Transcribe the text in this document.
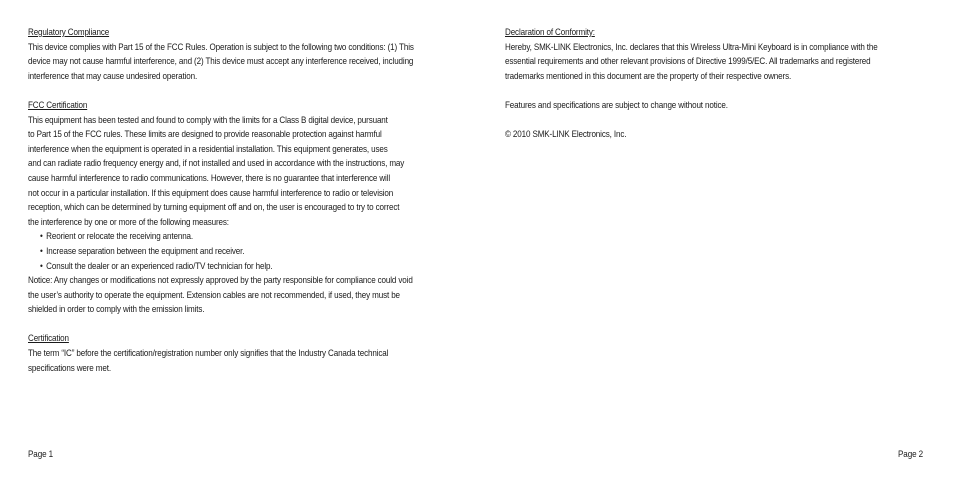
Regulatory Compliance
This device complies with Part 15 of the FCC Rules. Operation is subject to the following two conditions: (1) This
device may not cause harmful interference, and (2) This device must accept any interference received, including
interference that may cause undesired operation.
FCC Certification
This equipment has been tested and found to comply with the limits for a Class B digital device, pursuant
to Part 15 of the FCC rules. These limits are designed to provide reasonable protection against harmful
interference when the equipment is operated in a residential installation. This equipment generates, uses
and can radiate radio frequency energy and, if not installed and used in accordance with the instructions, may
cause harmful interference to radio communications. However, there is no guarantee that interference will
not occur in a particular installation. If this equipment does cause harmful interference to radio or television
reception, which can be determined by turning equipment off and on, the user is encouraged to try to correct
the interference by one or more of the following measures:
• Reorient or relocate the receiving antenna.
• Increase separation between the equipment and receiver.
• Consult the dealer or an experienced radio/TV technician for help.
Notice: Any changes or modifications not expressly approved by the party responsible for compliance could void
the user’s authority to operate the equipment. Extension cables are not recommended, if used, they must be
shielded in order to comply with the emission limits.
Certification
The term “IC” before the certification/registration number only signifies that the Industry Canada technical
specifications were met.
Declaration of Conformity:
Hereby, SMK-LINK Electronics, Inc. declares that this Wireless Ultra-Mini Keyboard is in compliance with the
essential requirements and other relevant provisions of Directive 1999/5/EC. All trademarks and registered
trademarks mentioned in this document are the property of their respective owners.
Features and specifications are subject to change without notice.
© 2010 SMK-LINK Electronics, Inc.
Page 1	Page 2
